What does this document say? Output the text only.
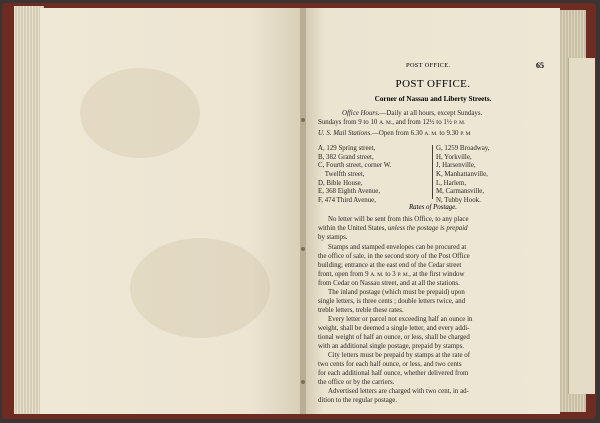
POST OFFICE.	65
POST OFFICE.
Corner of Nassau and Liberty Streets.
Office Hours.—Daily at all hours, except Sundays.
Sundays from 9 to 10 A. M., and from 12½ to 1½ P. M.
U. S. Mail Stations.—Open from 6.30 A. M. to 9.30 P. M
A, 129 Spring street,
B, 382 Grand street,
C, Fourth street, corner W.
Twelfth street,
D, Bible House,
E, 368 Eighth Avenue,
F, 474 Third Avenue,
G, 1259 Broadway,
H, Yorkville,
J, Harsenville,
K, Manhattanville,
L, Harlem,
M, Carmansville,
N, Tubby Hook.
Rates of Postage.
No letter will be sent from this Office, to any place
within the United States, unless the postage is prepaid
by stamps.
Stamps and stamped envelopes can be procured at
the office of sale, in the second story of the Post Office
building; entrance at the east end of the Cedar street
front, open from 9 A. M. to 3 P. M., at the first window
from Cedar on Nassau street, and at all the stations.
The inland postage (which must be prepaid) upon
single letters, is three cents ; double letters twice, and
treble letters, treble these rates.
Every letter or parcel not exceeding half an ounce in
weight, shall be deemed a single letter, and every addi-
tional weight of half an ounce, or less, shall be charged
with an additional single postage, prepaid by stamps.
City letters must be prepaid by stamps at the rate of
two cents for each half ounce, or less, and two cents
for each additional half ounce, whether delivered from
the office or by the carriers.
Advertised letters are charged with two cent, in ad-
dition to the regular postage.
